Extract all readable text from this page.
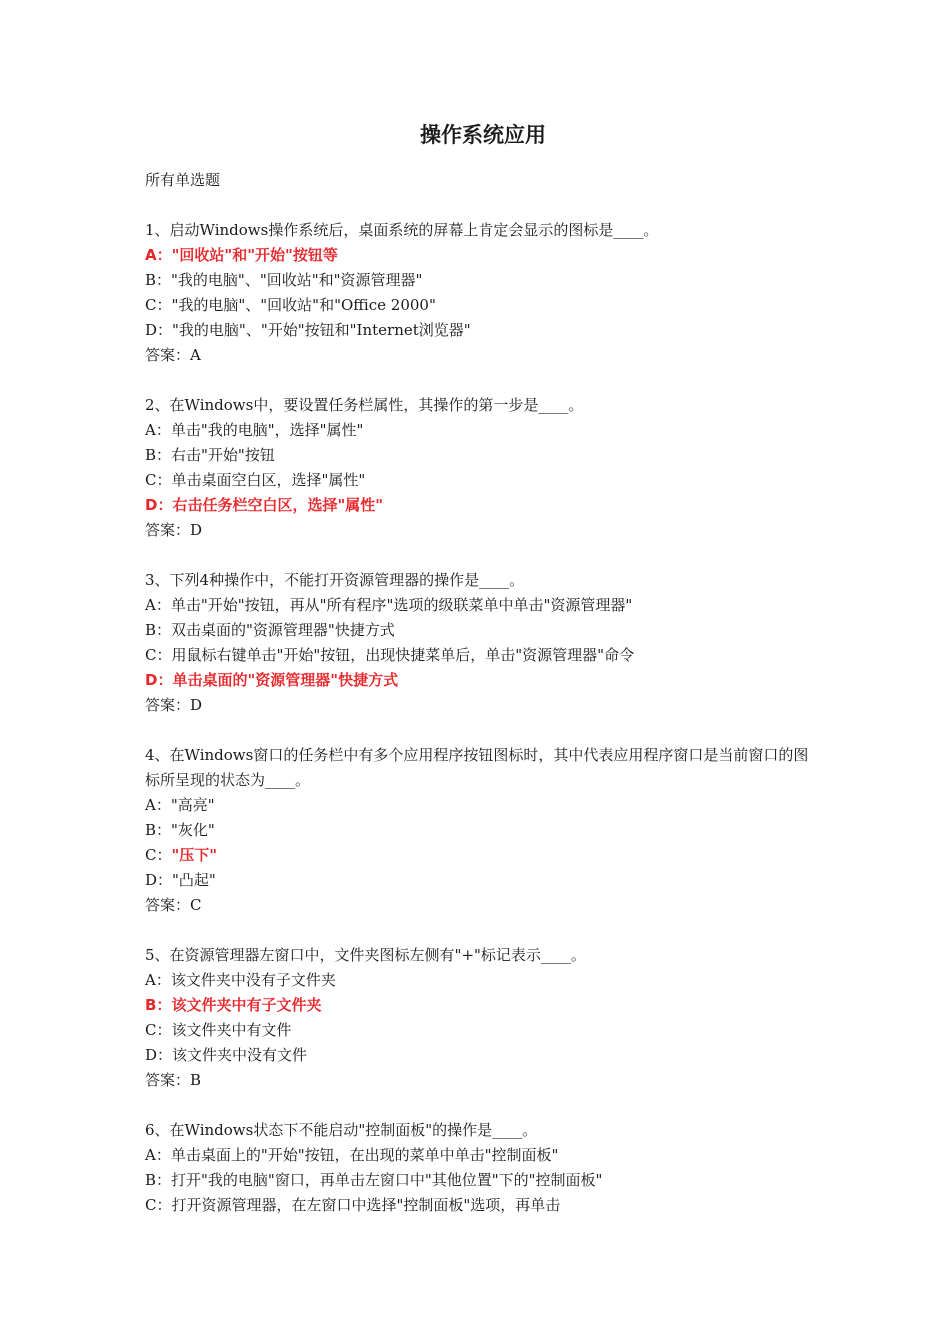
操作系统应用
所有单选题
1、启动Windows操作系统后，桌面系统的屏幕上肯定会显示的图标是____。
A："回收站"和"开始"按钮等
B："我的电脑"、"回收站"和"资源管理器"
C："我的电脑"、"回收站"和"Office 2000"
D："我的电脑"、"开始"按钮和"Internet浏览器"
答案：A
2、在Windows中，要设置任务栏属性，其操作的第一步是____。
A：单击"我的电脑"，选择"属性"
B：右击"开始"按钮
C：单击桌面空白区，选择"属性"
D：右击任务栏空白区，选择"属性"
答案：D
3、下列4种操作中，不能打开资源管理器的操作是____。
A：单击"开始"按钮，再从"所有程序"选项的级联菜单中单击"资源管理器"
B：双击桌面的"资源管理器"快捷方式
C：用鼠标右键单击"开始"按钮，出现快捷菜单后，单击"资源管理器"命令
D：单击桌面的"资源管理器"快捷方式
答案：D
4、在Windows窗口的任务栏中有多个应用程序按钮图标时，其中代表应用程序窗口是当前窗口的图标所呈现的状态为____。
A："高亮"
B："灰化"
C："压下"
D："凸起"
答案：C
5、在资源管理器左窗口中，文件夹图标左侧有"+"标记表示____。
A：该文件夹中没有子文件夹
B：该文件夹中有子文件夹
C：该文件夹中有文件
D：该文件夹中没有文件
答案：B
6、在Windows状态下不能启动"控制面板"的操作是____。
A：单击桌面上的"开始"按钮，在出现的菜单中单击"控制面板"
B：打开"我的电脑"窗口，再单击左窗口中"其他位置"下的"控制面板"
C：打开资源管理器，在左窗口中选择"控制面板"选项，再单击
